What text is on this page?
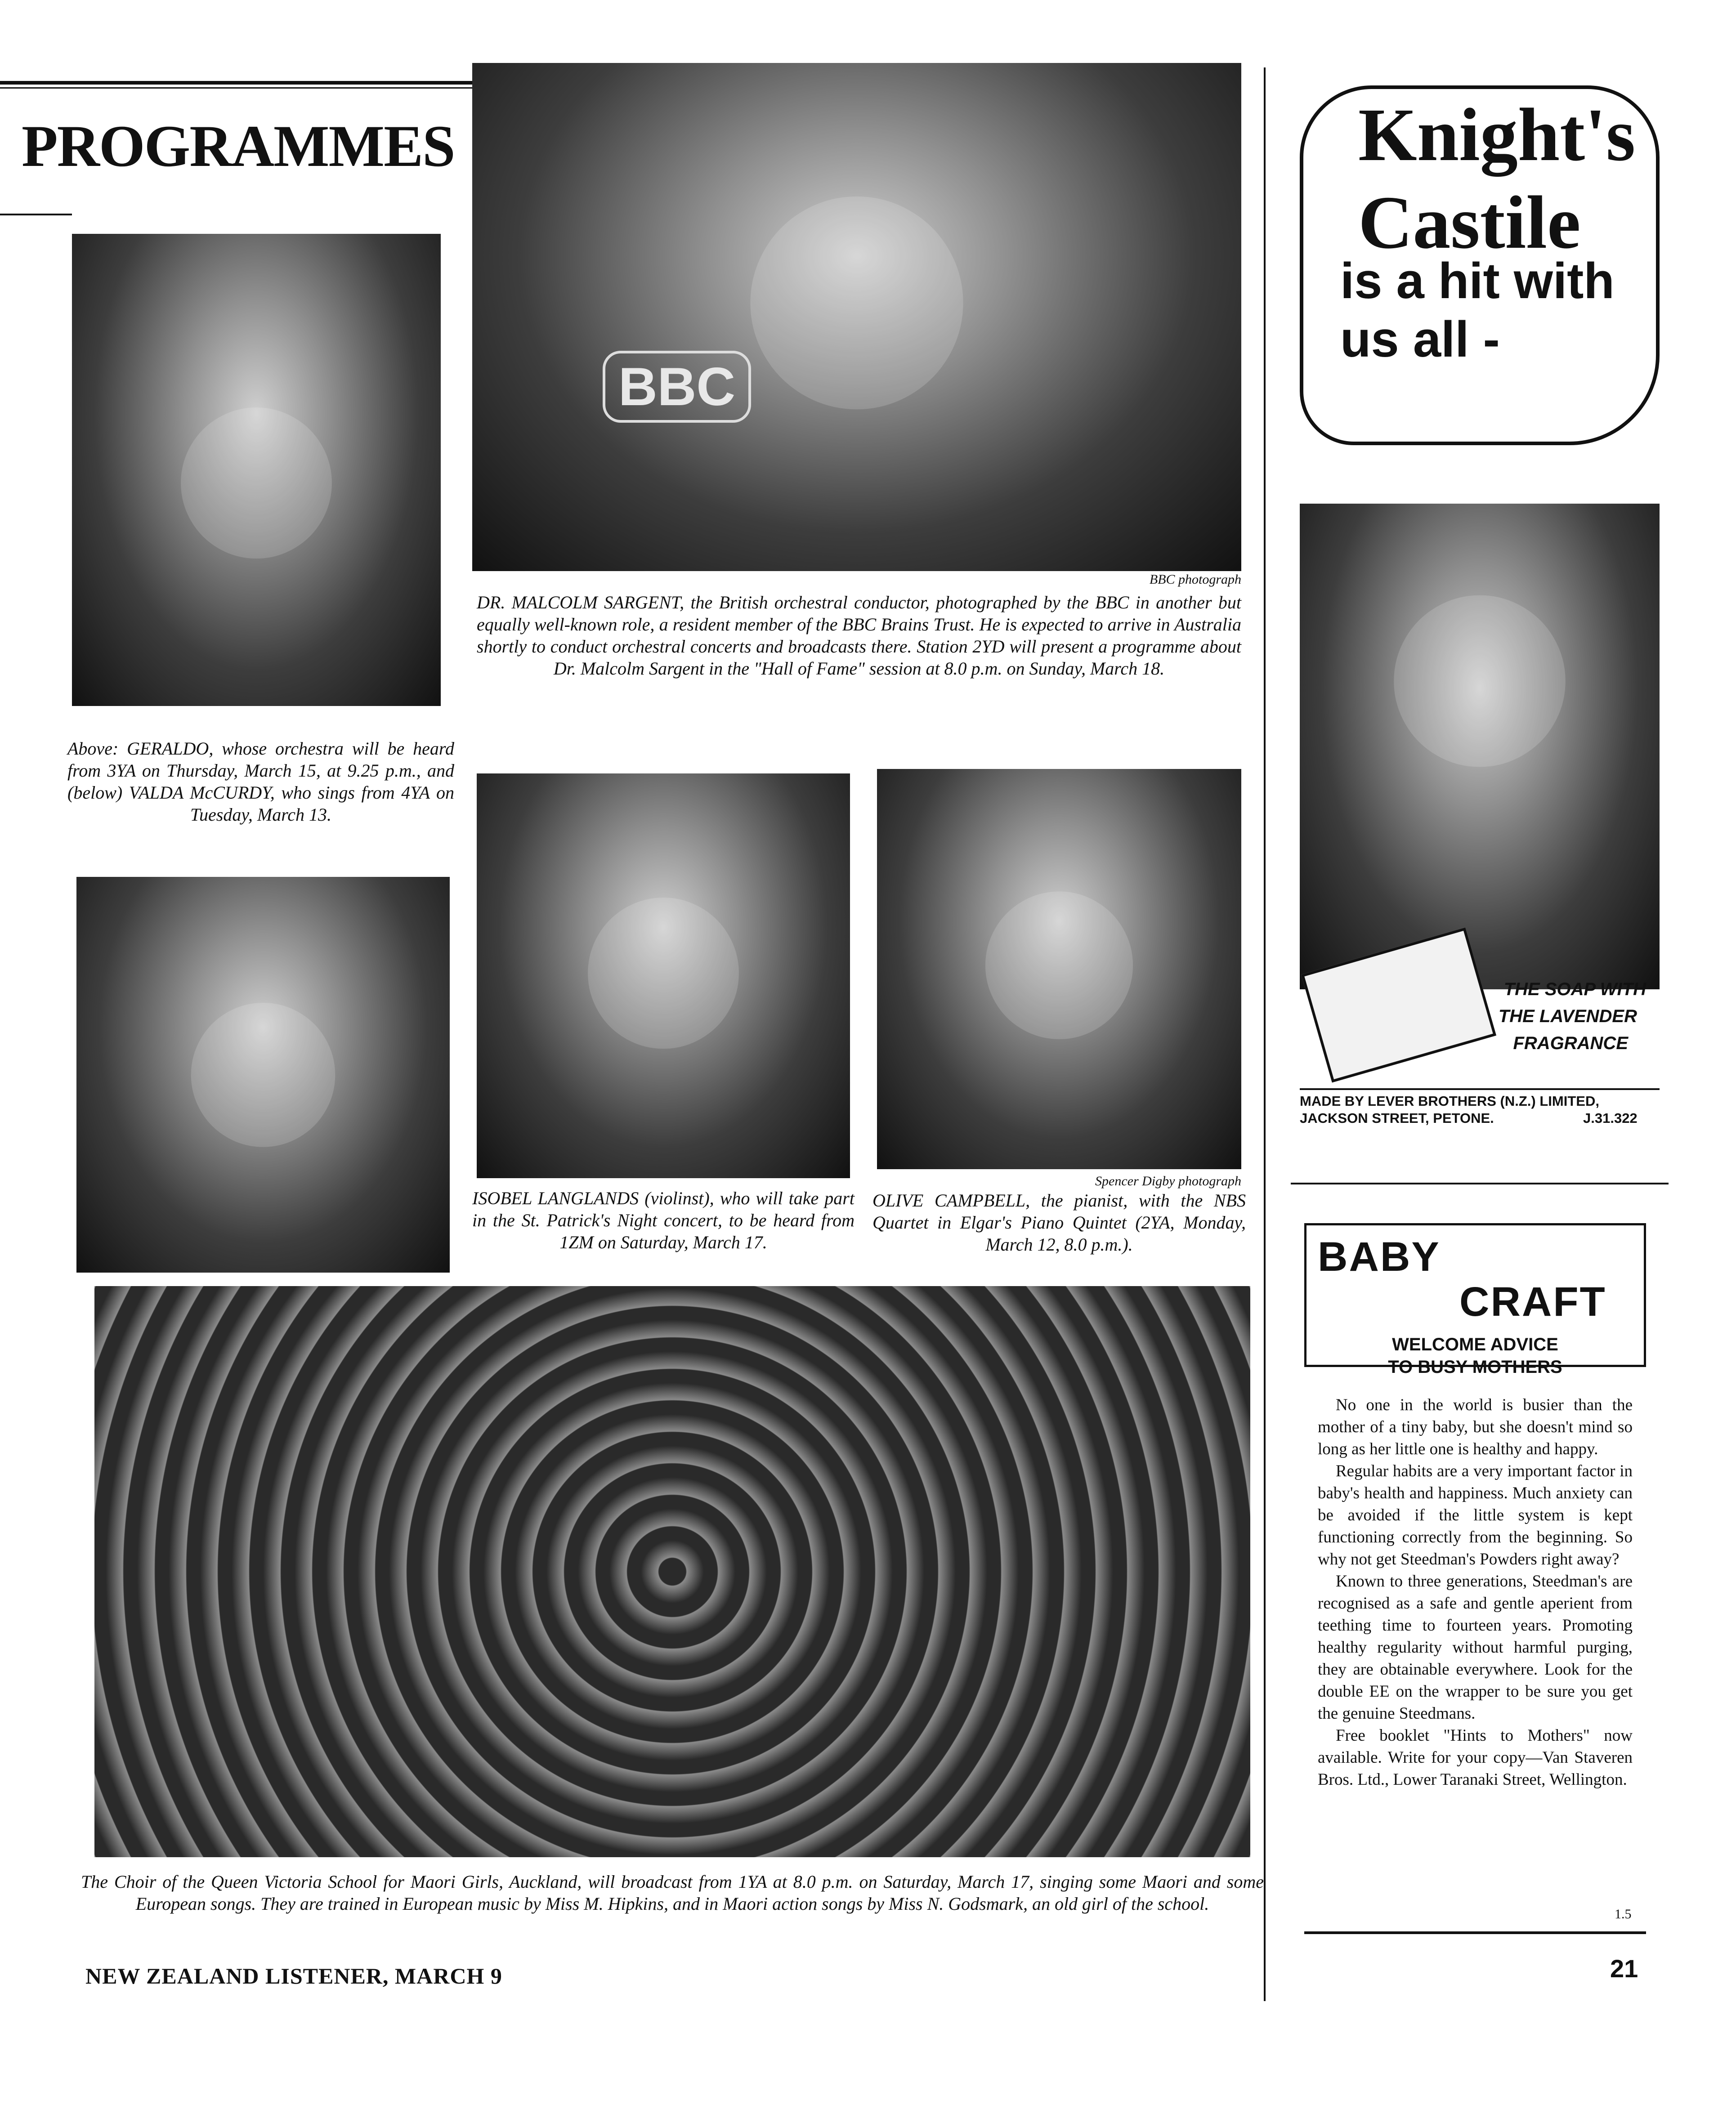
PROGRAMMES
●
●
BBC
BBC photograph
DR. MALCOLM SARGENT, the British orchestral conductor, photographed by the BBC in another but equally well-known role, a resident member of the BBC Brains Trust. He is expected to arrive in Australia shortly to conduct orchestral concerts and broadcasts there. Station 2YD will present a programme about Dr. Malcolm Sargent in the "Hall of Fame" session at 8.0 p.m. on Sunday, March 18.
Above: GERALDO, whose orchestra will be heard from 3YA on Thursday, March 15, at 9.25 p.m., and (below) VALDA McCURDY, who sings from 4YA on Tuesday, March 13.
●	●
ISOBEL LANGLANDS (violinst), who will take part in the St. Patrick's Night concert, to be heard from 1ZM on Saturday, March 17.
●
Spencer Digby photograph
OLIVE CAMPBELL, the pianist, with the NBS Quartet in Elgar's Piano Quintet (2YA, Monday, March 12, 8.0 p.m.).
The Choir of the Queen Victoria School for Maori Girls, Auckland, will broadcast from 1YA at 8.0 p.m. on Saturday, March 17, singing some Maori and some European songs. They are trained in European music by Miss M. Hipkins, and in Maori action songs by Miss N. Godsmark, an old girl of the school.
NEW ZEALAND LISTENER, MARCH 9	21
Knight's
Castile
is a hit with
us all -
●
THE SOAP WITH
THE LAVENDER
FRAGRANCE
MADE BY LEVER BROTHERS (N.Z.) LIMITED,
JACKSON STREET, PETONE.	J.31.322
BABY
CRAFT
WELCOME ADVICE
TO BUSY MOTHERS

No one in the world is busier than the mother of a tiny baby, but she doesn't mind so long as her little one is healthy and happy.

Regular habits are a very important factor in baby's health and happiness. Much anxiety can be avoided if the little system is kept functioning correctly from the beginning. So why not get Steedman's Powders right away?

Known to three generations, Steedman's are recognised as a safe and gentle aperient from teething time to fourteen years. Promoting healthy regularity without harmful purging, they are obtainable everywhere. Look for the double EE on the wrapper to be sure you get the genuine Steedmans.

Free booklet "Hints to Mothers" now available. Write for your copy—Van Staveren Bros. Ltd., Lower Taranaki Street, Wellington.

1.5
